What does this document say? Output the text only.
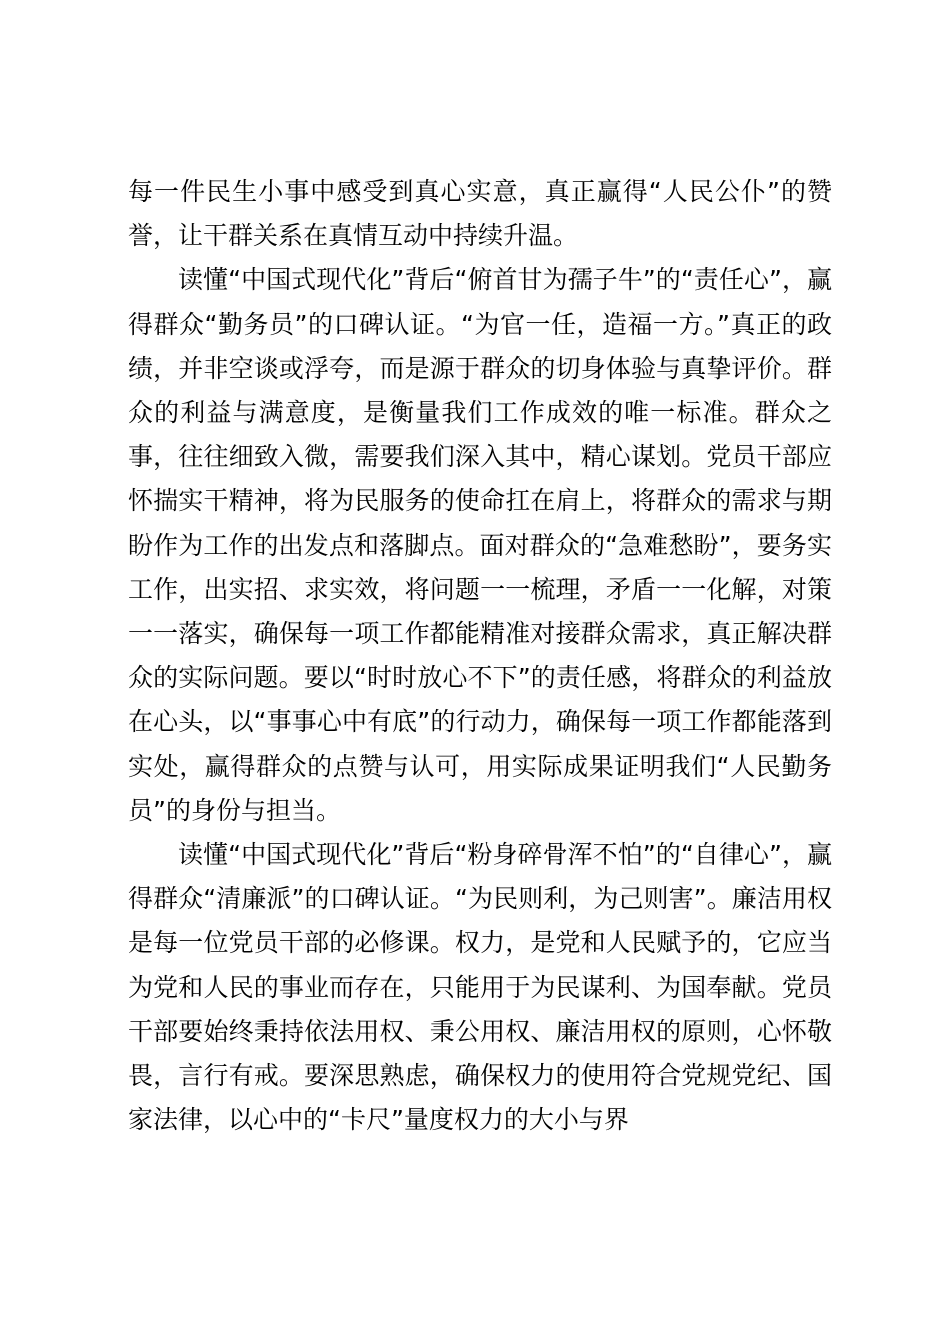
每一件民生小事中感受到真心实意，真正赢得“人民公仆”的赞誉，让干群关系在真情互动中持续升温。

读懂“中国式现代化”背后“俯首甘为孺子牛”的“责任心”，赢得群众“勤务员”的口碑认证。“为官一任，造福一方。”真正的政绩，并非空谈或浮夸，而是源于群众的切身体验与真挚评价。群众的利益与满意度，是衡量我们工作成效的唯一标准。群众之事，往往细致入微，需要我们深入其中，精心谋划。党员干部应怀揣实干精神，将为民服务的使命扛在肩上，将群众的需求与期盼作为工作的出发点和落脚点。面对群众的“急难愁盼”，要务实工作，出实招、求实效，将问题一一梳理，矛盾一一化解，对策一一落实，确保每一项工作都能精准对接群众需求，真正解决群众的实际问题。要以“时时放心不下”的责任感，将群众的利益放在心头，以“事事心中有底”的行动力，确保每一项工作都能落到实处，赢得群众的点赞与认可，用实际成果证明我们“人民勤务员”的身份与担当。

读懂“中国式现代化”背后“粉身碎骨浑不怕”的“自律心”，赢得群众“清廉派”的口碑认证。“为民则利，为己则害”。廉洁用权是每一位党员干部的必修课。权力，是党和人民赋予的，它应当为党和人民的事业而存在，只能用于为民谋利、为国奉献。党员干部要始终秉持依法用权、秉公用权、廉洁用权的原则，心怀敬畏，言行有戒。要深思熟虑，确保权力的使用符合党规党纪、国家法律，以心中的“卡尺”量度权力的大小与界
